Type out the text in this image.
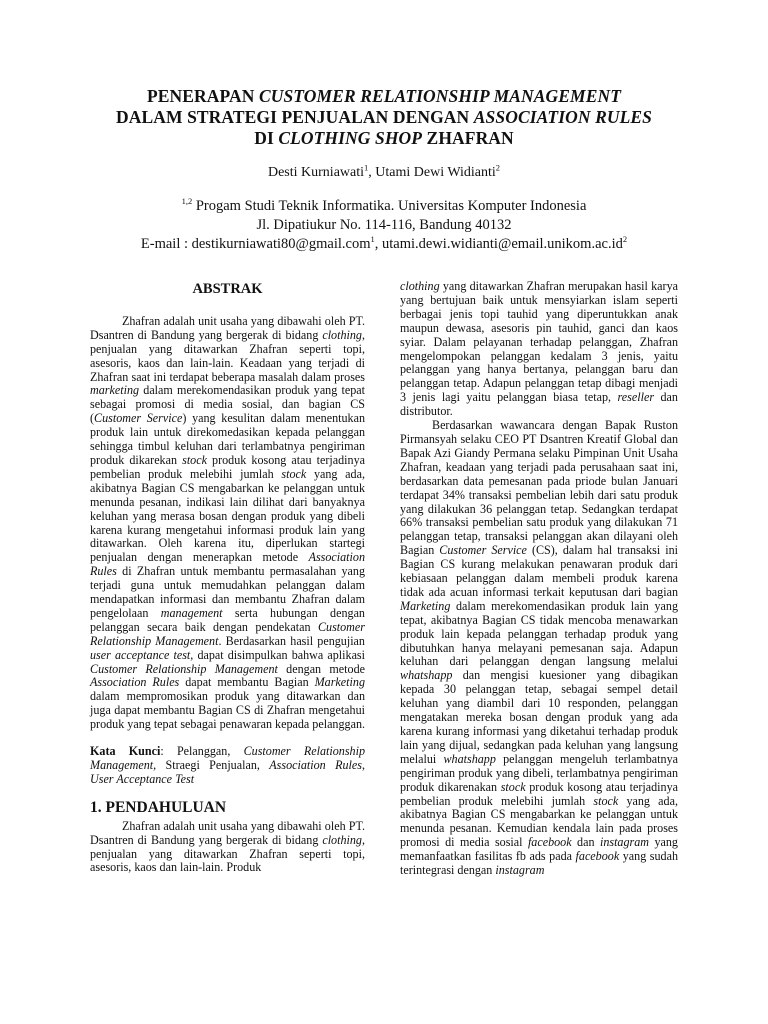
PENERAPAN CUSTOMER RELATIONSHIP MANAGEMENT
DALAM STRATEGI PENJUALAN DENGAN ASSOCIATION RULES
DI CLOTHING SHOP ZHAFRAN
Desti Kurniawati$^1$, Utami Dewi Widianti$^2$
$^{1,2}$ Progam Studi Teknik Informatika. Universitas Komputer Indonesia
Jl. Dipatiukur No. 114-116, Bandung 40132
E-mail : destikurniawati80@gmail.com$^1$, $utami.dewi.widianti@email.unikom.ac.id^2$
ABSTRAK

Zhafran adalah unit usaha yang dibawahi oleh PT. Dsantren di Bandung yang bergerak di bidang clothing, penjualan yang ditawarkan Zhafran seperti topi, asesoris, kaos dan lain-lain. Keadaan yang terjadi di Zhafran saat ini terdapat beberapa masalah dalam proses marketing dalam merekomendasikan produk yang tepat sebagai promosi di media sosial, dan bagian CS (Customer Service) yang kesulitan dalam menentukan produk lain untuk direkomedasikan kepada pelanggan sehingga timbul keluhan dari terlambatnya pengiriman produk dikarekan stock produk kosong atau terjadinya pembelian produk melebihi jumlah stock yang ada, akibatnya Bagian CS mengabarkan ke pelanggan untuk menunda pesanan, indikasi lain dilihat dari banyaknya keluhan yang merasa bosan dengan produk yang dibeli karena kurang mengetahui informasi produk lain yang ditawarkan. Oleh karena itu, diperlukan startegi penjualan dengan menerapkan metode Association Rules di Zhafran untuk membantu permasalahan yang terjadi guna untuk memudahkan pelanggan dalam mendapatkan informasi dan membantu Zhafran dalam pengelolaan management serta hubungan dengan pelanggan secara baik dengan pendekatan Customer Relationship Management. Berdasarkan hasil pengujian user acceptance test, dapat disimpulkan bahwa aplikasi Customer Relationship Management dengan metode Association Rules dapat membantu Bagian Marketing dalam mempromosikan produk yang ditawarkan dan juga dapat membantu Bagian CS di Zhafran mengetahui produk yang tepat sebagai penawaran kepada pelanggan.

Kata Kunci: Pelanggan, Customer Relationship Management, Straegi Penjualan, Association Rules, User Acceptance Test

1. PENDAHULUAN

Zhafran adalah unit usaha yang dibawahi oleh PT. Dsantren di Bandung yang bergerak di bidang clothing, penjualan yang ditawarkan Zhafran seperti topi, asesoris, kaos dan lain-lain. Produk

clothing yang ditawarkan Zhafran merupakan hasil karya yang bertujuan baik untuk mensyiarkan islam seperti berbagai jenis topi tauhid yang diperuntukkan anak maupun dewasa, asesoris pin tauhid, ganci dan kaos syiar. Dalam pelayanan terhadap pelanggan, Zhafran mengelompokan pelanggan kedalam 3 jenis, yaitu pelanggan yang hanya bertanya, pelanggan baru dan pelanggan tetap. Adapun pelanggan tetap dibagi menjadi 3 jenis lagi yaitu pelanggan biasa tetap, reseller dan distributor.

Berdasarkan wawancara dengan Bapak Ruston Pirmansyah selaku CEO PT Dsantren Kreatif Global dan Bapak Azi Giandy Permana selaku Pimpinan Unit Usaha Zhafran, keadaan yang terjadi pada perusahaan saat ini, berdasarkan data pemesanan pada priode bulan Januari terdapat 34% transaksi pembelian lebih dari satu produk yang dilakukan 36 pelanggan tetap. Sedangkan terdapat 66% transaksi pembelian satu produk yang dilakukan 71 pelanggan tetap, transaksi pelanggan akan dilayani oleh Bagian Customer Service (CS), dalam hal transaksi ini Bagian CS kurang melakukan penawaran produk dari kebiasaan pelanggan dalam membeli produk karena tidak ada acuan informasi terkait keputusan dari bagian Marketing dalam merekomendasikan produk lain yang tepat, akibatnya Bagian CS tidak mencoba menawarkan produk lain kepada pelanggan terhadap produk yang dibutuhkan hanya melayani pemesanan saja. Adapun keluhan dari pelanggan dengan langsung melalui whatshapp dan mengisi kuesioner yang dibagikan kepada 30 pelanggan tetap, sebagai sempel detail keluhan yang diambil dari 10 responden, pelanggan mengatakan mereka bosan dengan produk yang ada karena kurang informasi yang diketahui terhadap produk lain yang dijual, sedangkan pada keluhan yang langsung melalui whatshapp pelanggan mengeluh terlambatnya pengiriman produk yang dibeli, terlambatnya pengiriman produk dikarenakan stock produk kosong atau terjadinya pembelian produk melebihi jumlah stock yang ada, akibatnya Bagian CS mengabarkan ke pelanggan untuk menunda pesanan. Kemudian kendala lain pada proses promosi di media sosial facebook dan instagram yang memanfaatkan fasilitas fb ads pada facebook yang sudah terintegrasi dengan instagram
